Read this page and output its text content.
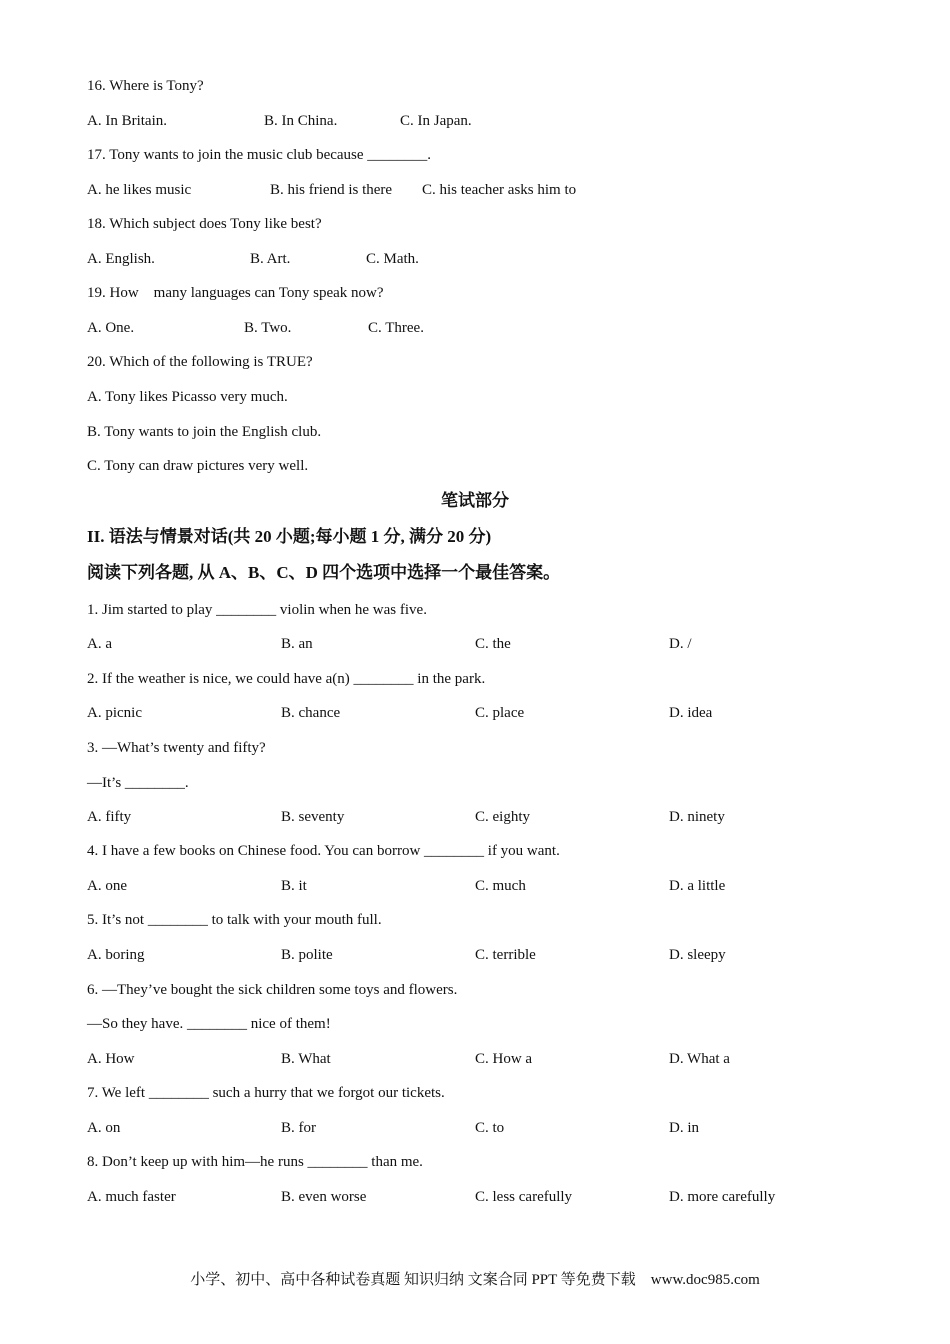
16. Where is Tony?
A. In Britain.	B. In China.	C. In Japan.
17. Tony wants to join the music club because ________.
A. he likes music	B. his friend is there C. his teacher asks him to
18. Which subject does Tony like best?
A. English.	B. Art.	C. Math.
19. How    many languages can Tony speak now?
A. One.	B. Two.	C. Three.
20. Which of the following is TRUE?
A. Tony likes Picasso very much.
B. Tony wants to join the English club.
C. Tony can draw pictures very well.
笔试部分
II. 语法与情景对话(共 20 小题;每小题 1 分, 满分 20 分)
阅读下列各题, 从 A、B、C、D 四个选项中选择一个最佳答案。
1. Jim started to play ________ violin when he was five.
A. a	B. an	C. the	D. /
2. If the weather is nice, we could have a(n) ________ in the park.
A. picnic	B. chance	C. place	D. idea
3. —What’s twenty and fifty?
—It’s ________.
A. fifty	B. seventy	C. eighty	D. ninety
4. I have a few books on Chinese food. You can borrow ________ if you want.
A. one	B. it	C. much	D. a little
5. It’s not ________ to talk with your mouth full.
A. boring	B. polite	C. terrible	D. sleepy
6. —They’ve bought the sick children some toys and flowers.
—So they have. ________ nice of them!
A. How	B. What	C. How a	D. What a
7. We left ________ such a hurry that we forgot our tickets.
A. on	B. for	C. to	D. in
8. Don’t keep up with him—he runs ________ than me.
A. much faster	B. even worse	C. less carefully	D. more carefully
小学、初中、高中各种试卷真题 知识归纳 文案合同 PPT 等免费下载    www.doc985.com
